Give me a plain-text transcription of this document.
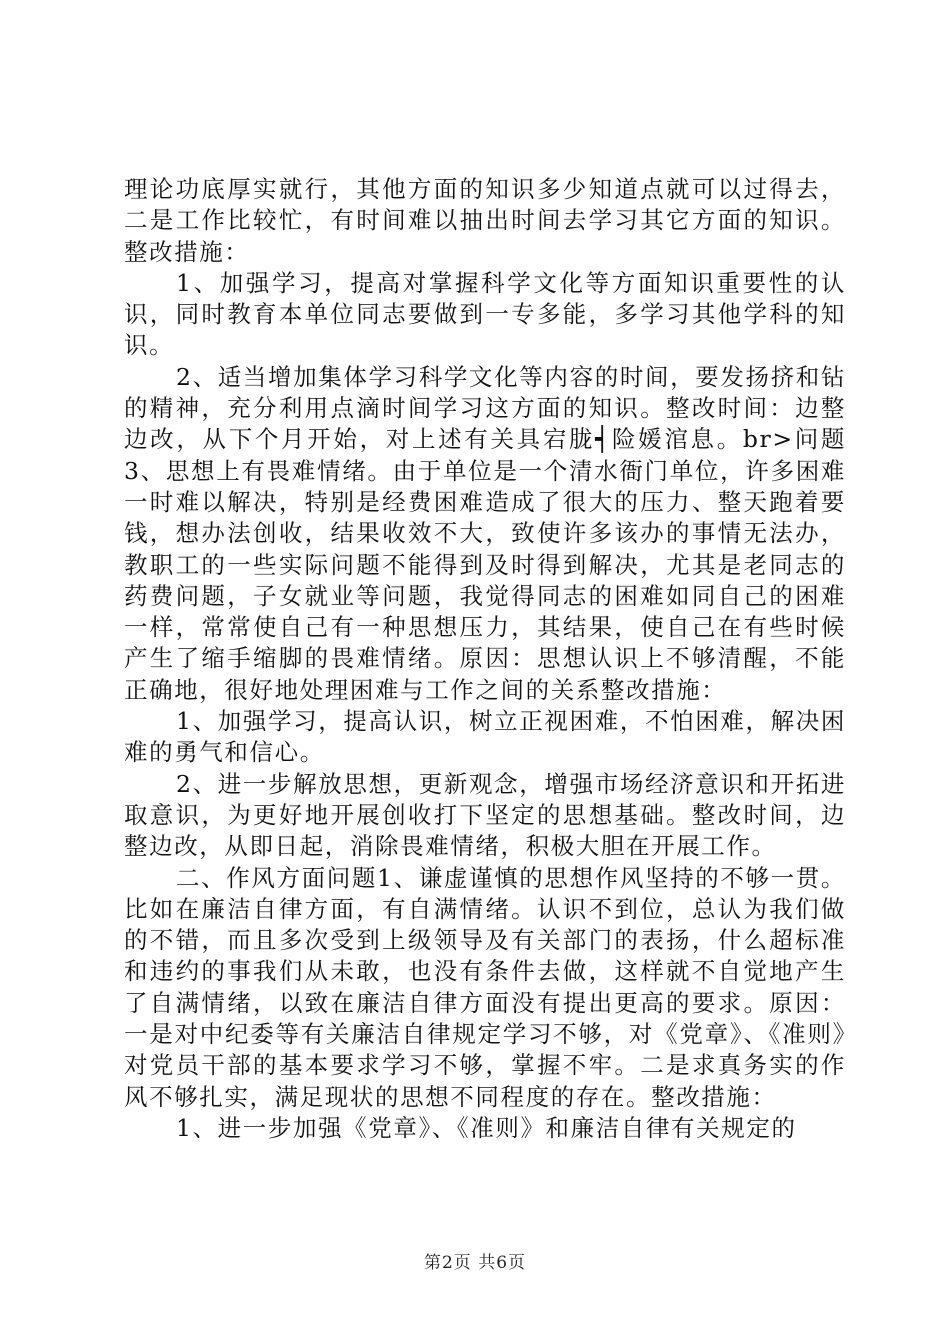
理论功底厚实就行，其他方面的知识多少知道点就可以过得去，二是工作比较忙，有时间难以抽出时间去学习其它方面的知识。整改措施：

1、加强学习，提高对掌握科学文化等方面知识重要性的认识，同时教育本单位同志要做到一专多能，多学习其他学科的知识。

2、适当增加集体学习科学文化等内容的时间，要发扬挤和钻的精神，充分利用点滴时间学习这方面的知识。整改时间：边整边改，从下个月开始，对上述有关具宕胧┥险媛涫息。br>问题3、思想上有畏难情绪。由于单位是一个清水衙门单位，许多困难一时难以解决，特别是经费困难造成了很大的压力、整天跑着要钱，想办法创收，结果收效不大，致使许多该办的事情无法办，教职工的一些实际问题不能得到及时得到解决，尤其是老同志的药费问题，子女就业等问题，我觉得同志的困难如同自己的困难一样，常常使自己有一种思想压力，其结果，使自己在有些时候产生了缩手缩脚的畏难情绪。原因：思想认识上不够清醒，不能正确地，很好地处理困难与工作之间的关系整改措施：

1、加强学习，提高认识，树立正视困难，不怕困难，解决困难的勇气和信心。

2、进一步解放思想，更新观念，增强市场经济意识和开拓进取意识，为更好地开展创收打下坚定的思想基础。整改时间，边整边改，从即日起，消除畏难情绪，积极大胆在开展工作。

二、作风方面问题1、谦虚谨慎的思想作风坚持的不够一贯。比如在廉洁自律方面，有自满情绪。认识不到位，总认为我们做的不错，而且多次受到上级领导及有关部门的表扬，什么超标准和违约的事我们从未敢，也没有条件去做，这样就不自觉地产生了自满情绪，以致在廉洁自律方面没有提出更高的要求。原因：一是对中纪委等有关廉洁自律规定学习不够，对《党章》、《准则》对党员干部的基本要求学习不够，掌握不牢。二是求真务实的作风不够扎实，满足现状的思想不同程度的存在。整改措施：

1、进一步加强《党章》、《准则》和廉洁自律有关规定的

第2页 共6页
